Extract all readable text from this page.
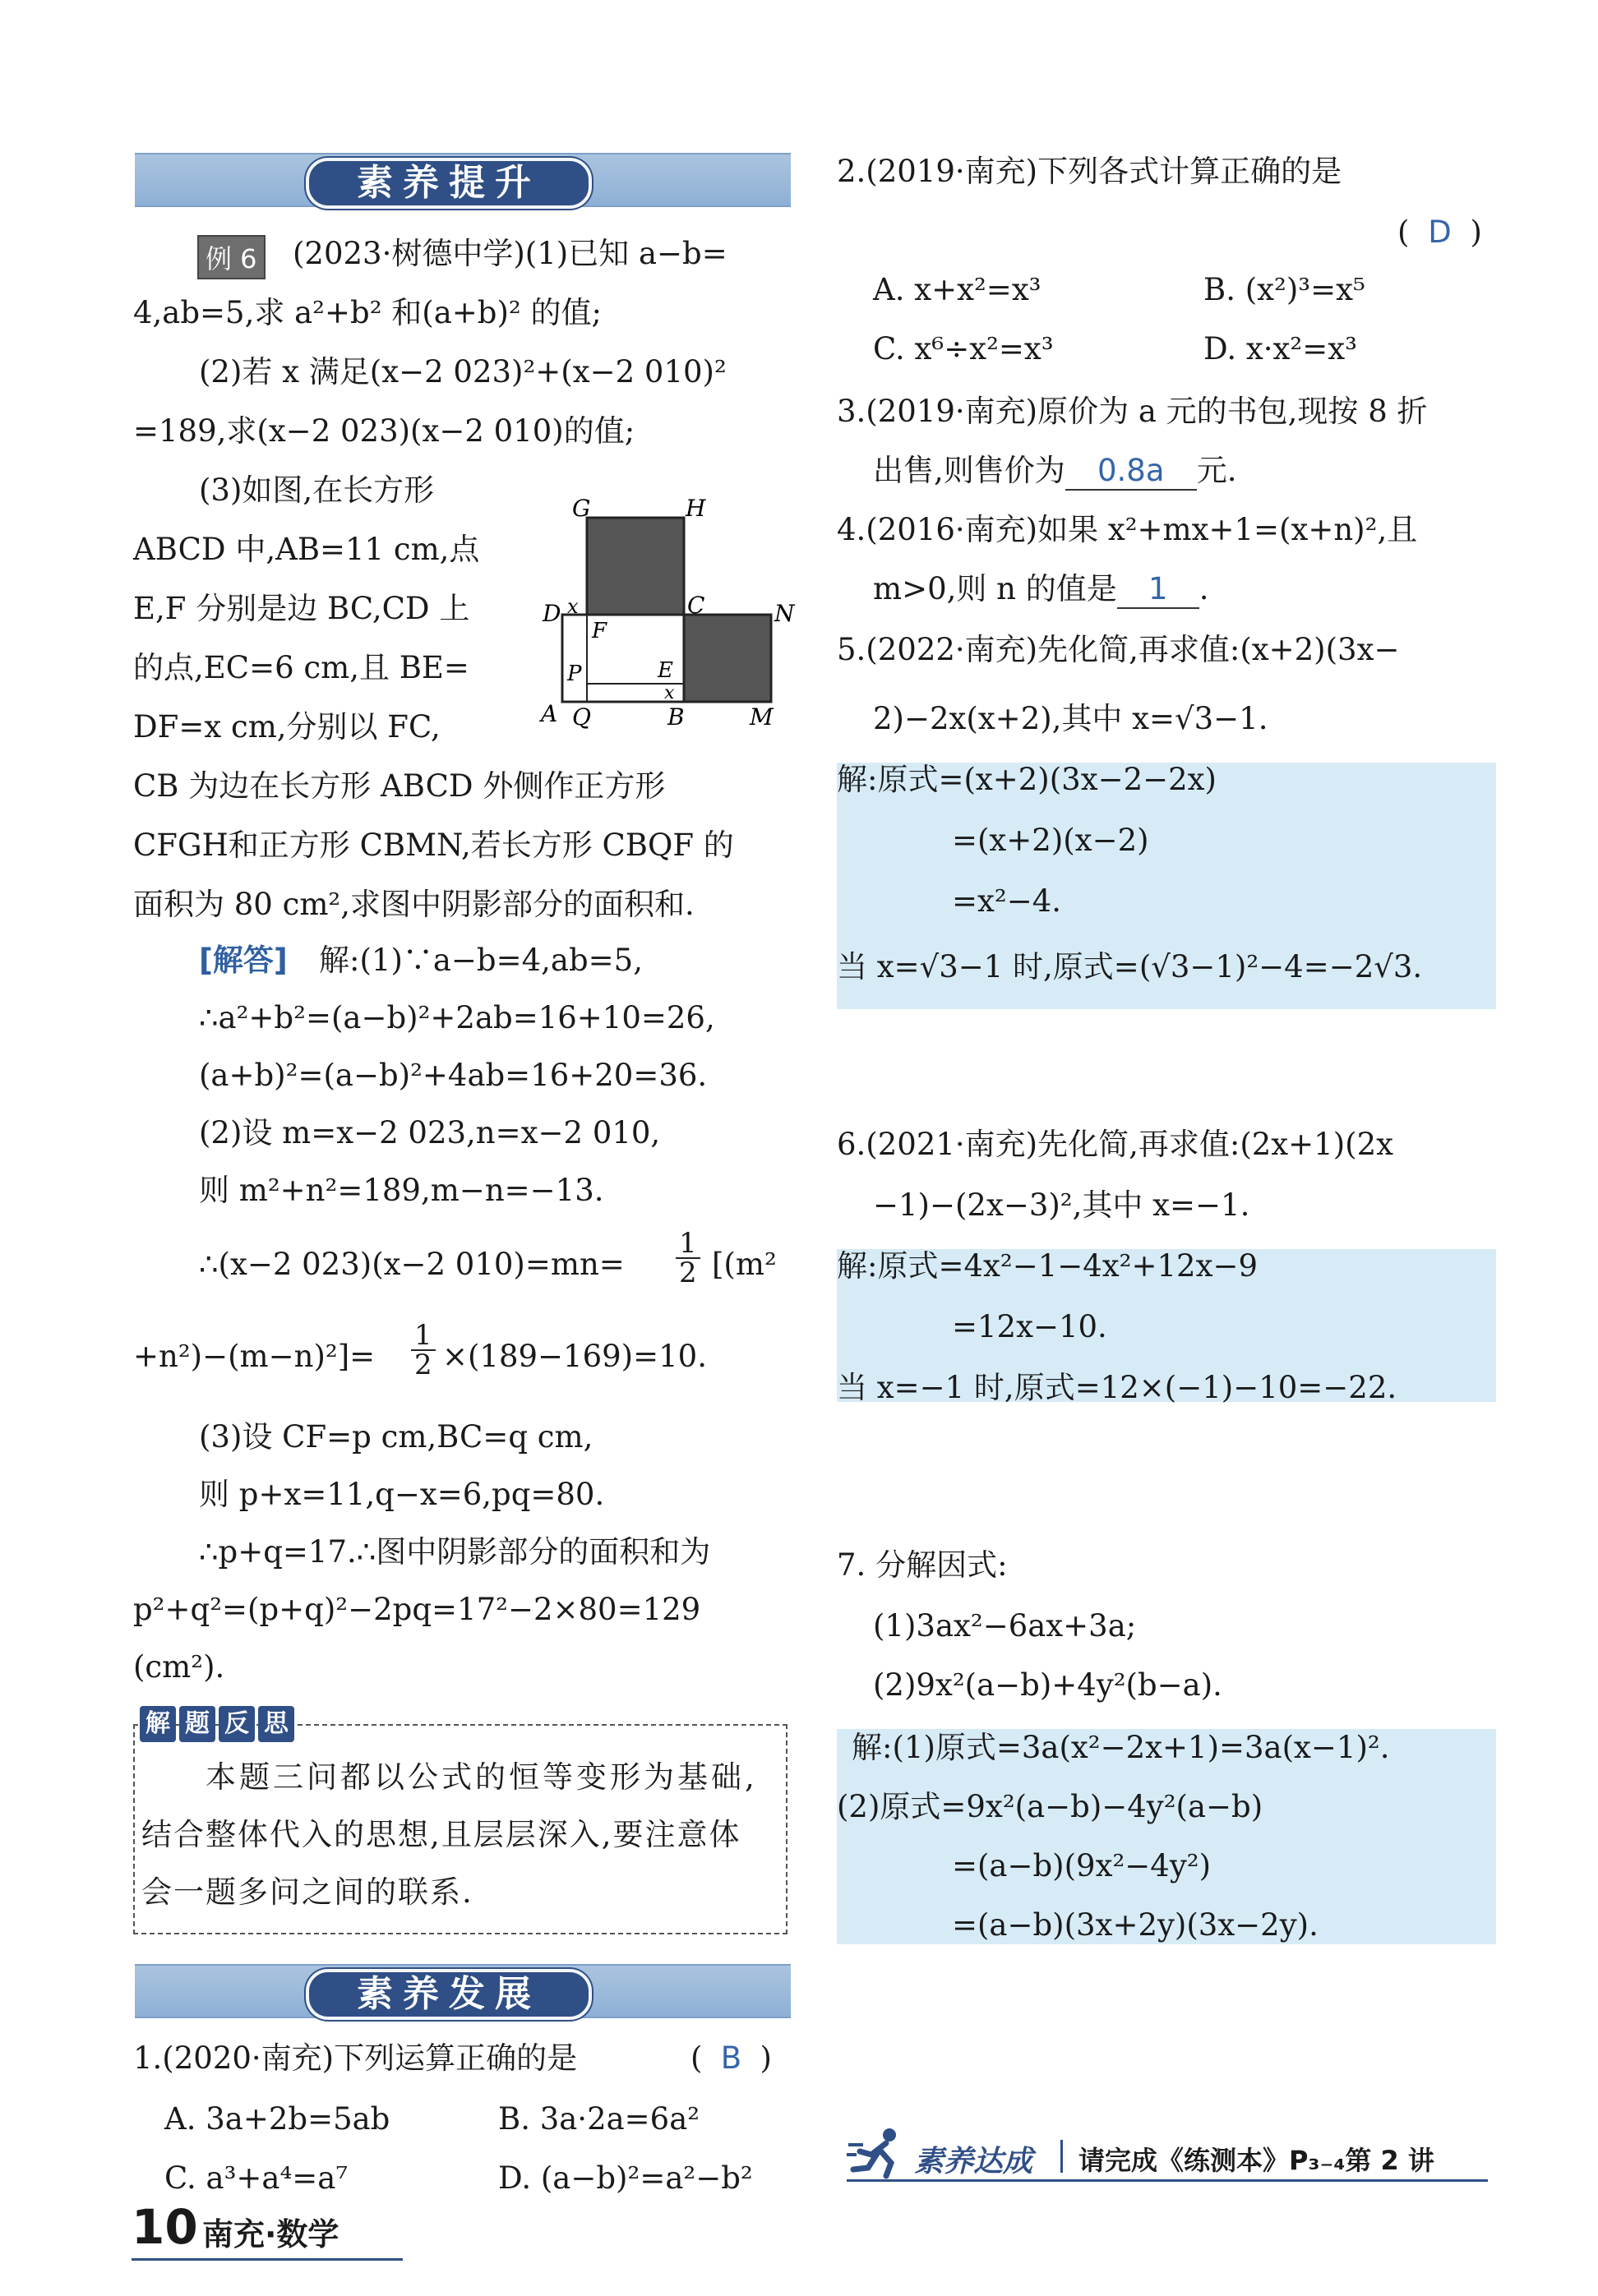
素养提升
例 6 (2023·树德中学)(1)已知 a−b=
4,ab=5,求 a²+b² 和(a+b)² 的值;
(2)若 x 满足(x−2 023)²+(x−2 010)²
=189,求(x−2 023)(x−2 010)的值;
(3)如图,在长方形
ABCD 中,AB=11 cm,点
E,F 分别是边 BC,CD 上
的点,EC=6 cm,且 BE=
DF=x cm,分别以 FC,
CB 为边在长方形 ABCD 外侧作正方形
CFGH和正方形 CBMN,若长方形 CBQF 的
面积为 80 cm²,求图中阴影部分的面积和.
G	H
D x	C	N
F
E
P
x
A Q	B	M
[解答] 解:(1)∵a−b=4,ab=5,
∴a²+b²=(a−b)²+2ab=16+10=26,
(a+b)²=(a−b)²+4ab=16+20=36.
(2)设 m=x−2 023,n=x−2 010,
则 m²+n²=189,m−n=−13.
∴(x−2 023)(x−2 $010)=mn= \frac{1}{2} [(m^2$
$+n^2)-(m-n)^2]= \frac{1}{2} \times(189-169)=10$.
(3)设 CF=p cm,BC=q cm,
则 p+x=11,q−x=6,pq=80.
∴p+q=17.∴图中阴影部分的面积和为
p²+q²=(p+q)²−2pq=17²−2×80=129
(cm²).
解 题 反 思
本题三问都以公式的恒等变形为基础,
结合整体代入的思想,且层层深入,要注意体
会一题多问之间的联系.
素养发展
1.(2020·南充)下列运算正确的是	( B )
A. 3a+2b=5ab	B. 3a·2a=6a²
C. a³+a⁴=a⁷	D. (a−b)²=a²−b²
10 南充·数学
2.(2019·南充)下列各式计算正确的是
( D )
A. x+x²=x³	B. (x²)³=x⁵
C. x⁶÷x²=x³	D. x·x²=x³
3.(2019·南充)原价为 a 元的书包,现按 8 折
出售,则售价为 0.8a 元.
4.(2016·南充)如果 x²+mx+1=(x+n)²,且
m>0,则 n 的值是 1 .
5.(2022·南充)先化简,再求值:(x+2)(3x−
2)−2x(x+2),其中 x=√3−1.
解:原式=(x+2)(3x−2−2x)
=(x+2)(x−2)
=x²−4.
当 x=√3−1 时,原式=(√3−1)²−4=−2√3.
6.(2021·南充)先化简,再求值:(2x+1)(2x
−1)−(2x−3)²,其中 x=−1.
解:原式=4x²−1−4x²+12x−9
=12x−10.
当 x=−1 时,原式=12×(−1)−10=−22.
7. 分解因式:
(1)3ax²−6ax+3a;
(2)9x²(a−b)+4y²(b−a).
解:(1)原式=3a(x²−2x+1)=3a(x−1)².
(2)原式=9x²(a−b)−4y²(a−b)
=(a−b)(9x²−4y²)
=(a−b)(3x+2y)(3x−2y).
素养达成 请完成《练测本》P₃₋₄第 2 讲
